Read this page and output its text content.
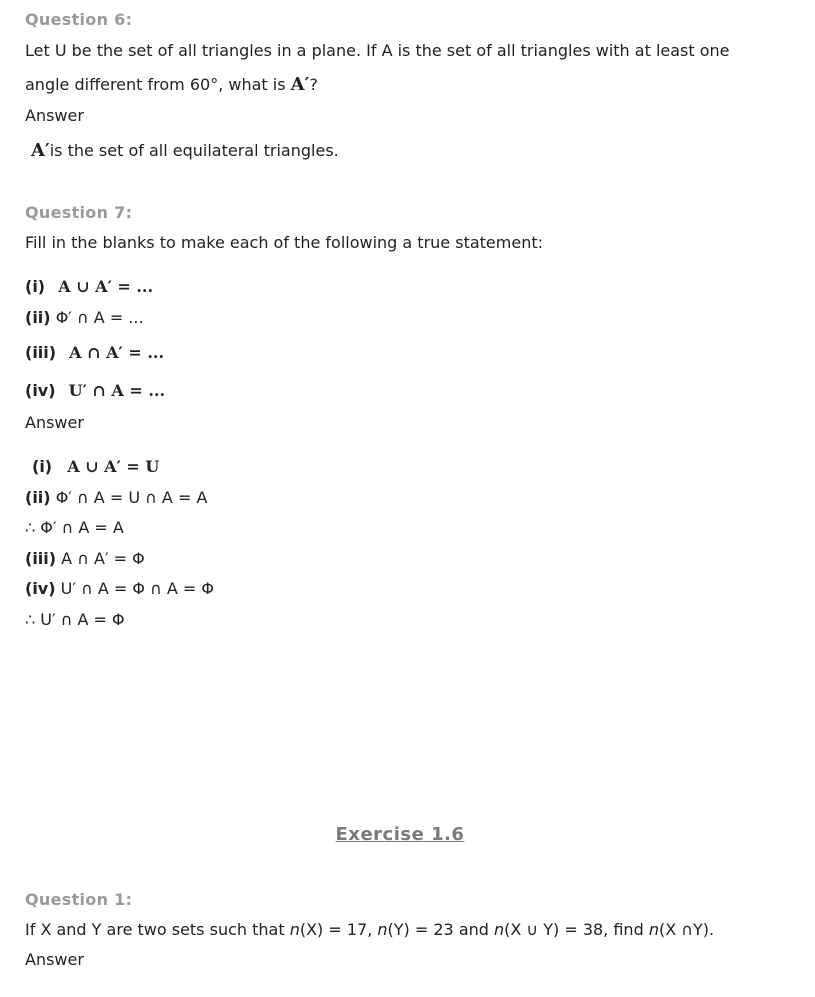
Question 6:
Let U be the set of all triangles in a plane. If A is the set of all triangles with at least one
angle different from 60°, what is A′?
Answer
A′is the set of all equilateral triangles.
Question 7:
Fill in the blanks to make each of the following a true statement:
(i) A ∪ A′ = ...
(ii) Φ′ ∩ A = ...
(iii) A ∩ A′ = ...
(iv) U′ ∩ A = ...
Answer
(i) A ∪ A′ = U
(ii) Φ′ ∩ A = U ∩ A = A
∴ Φ′ ∩ A = A
(iii) A ∩ A′ = Φ
(iv) U′ ∩ A = Φ ∩ A = Φ
∴ U′ ∩ A = Φ
Exercise 1.6
Question 1:
If X and Y are two sets such that n(X) = 17, n(Y) = 23 and n(X ∪ Y) = 38, find n(X ∩Y).
Answer
